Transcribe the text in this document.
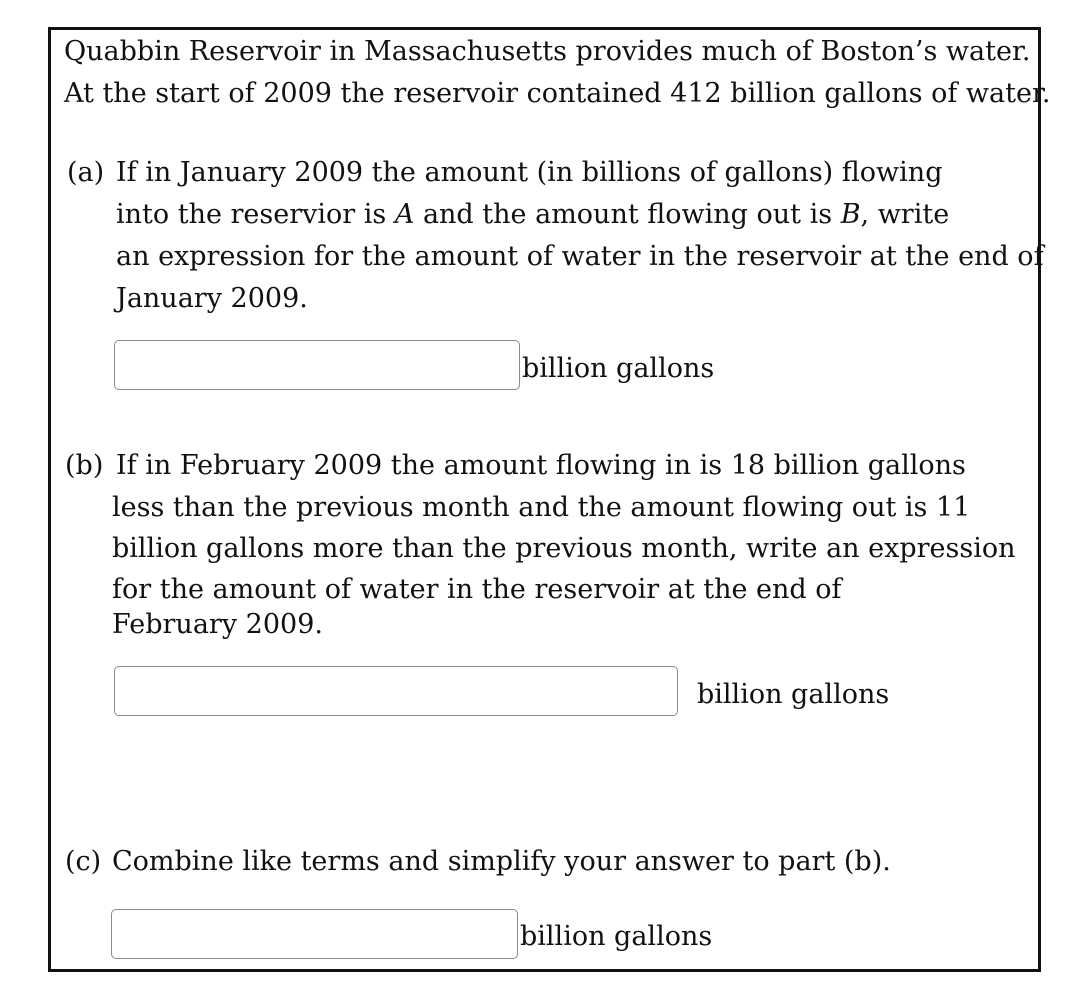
Quabbin Reservoir in Massachusetts provides much of Boston’s water.
At the start of 2009 the reservoir contained 412 billion gallons of water.
(a) If in January 2009 the amount (in billions of gallons) flowing
into the reservior is A and the amount flowing out is B, write
an expression for the amount of water in the reservoir at the end of
January 2009.
billion gallons
(b) If in February 2009 the amount flowing in is 18 billion gallons
less than the previous month and the amount flowing out is 11
billion gallons more than the previous month, write an expression
for the amount of water in the reservoir at the end of
February 2009.
billion gallons
(c) Combine like terms and simplify your answer to part (b).
billion gallons
